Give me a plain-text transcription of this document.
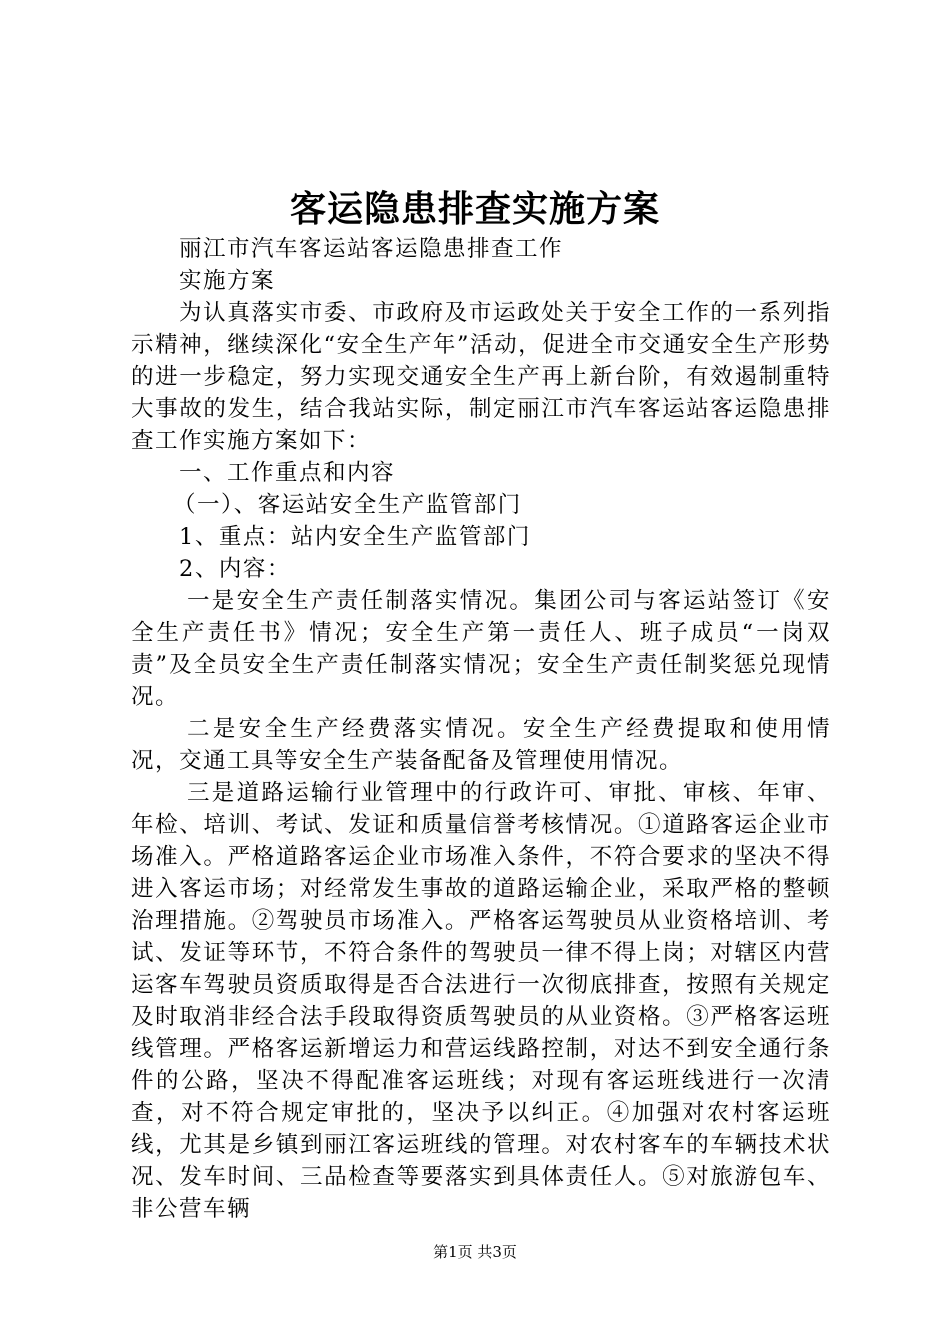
客运隐患排查实施方案

丽江市汽车客运站客运隐患排查工作

实施方案

为认真落实市委、市政府及市运政处关于安全工作的一系列指示精神，继续深化“安全生产年”活动，促进全市交通安全生产形势的进一步稳定，努力实现交通安全生产再上新台阶，有效遏制重特大事故的发生，结合我站实际，制定丽江市汽车客运站客运隐患排查工作实施方案如下：

一、工作重点和内容

（一）、客运站安全生产监管部门

1、重点：站内安全生产监管部门

2、内容：

一是安全生产责任制落实情况。集团公司与客运站签订《安全生产责任书》情况；安全生产第一责任人、班子成员“一岗双责”及全员安全生产责任制落实情况；安全生产责任制奖惩兑现情况。

二是安全生产经费落实情况。安全生产经费提取和使用情况，交通工具等安全生产装备配备及管理使用情况。

三是道路运输行业管理中的行政许可、审批、审核、年审、年检、培训、考试、发证和质量信誉考核情况。①道路客运企业市场准入。严格道路客运企业市场准入条件，不符合要求的坚决不得进入客运市场；对经常发生事故的道路运输企业，采取严格的整顿治理措施。②驾驶员市场准入。严格客运驾驶员从业资格培训、考试、发证等环节，不符合条件的驾驶员一律不得上岗；对辖区内营运客车驾驶员资质取得是否合法进行一次彻底排查，按照有关规定及时取消非经合法手段取得资质驾驶员的从业资格。③严格客运班线管理。严格客运新增运力和营运线路控制，对达不到安全通行条件的公路，坚决不得配准客运班线；对现有客运班线进行一次清查，对不符合规定审批的，坚决予以纠正。④加强对农村客运班线，尤其是乡镇到丽江客运班线的管理。对农村客车的车辆技术状况、发车时间、三品检查等要落实到具体责任人。⑤对旅游包车、非公营车辆

第1页 共3页
